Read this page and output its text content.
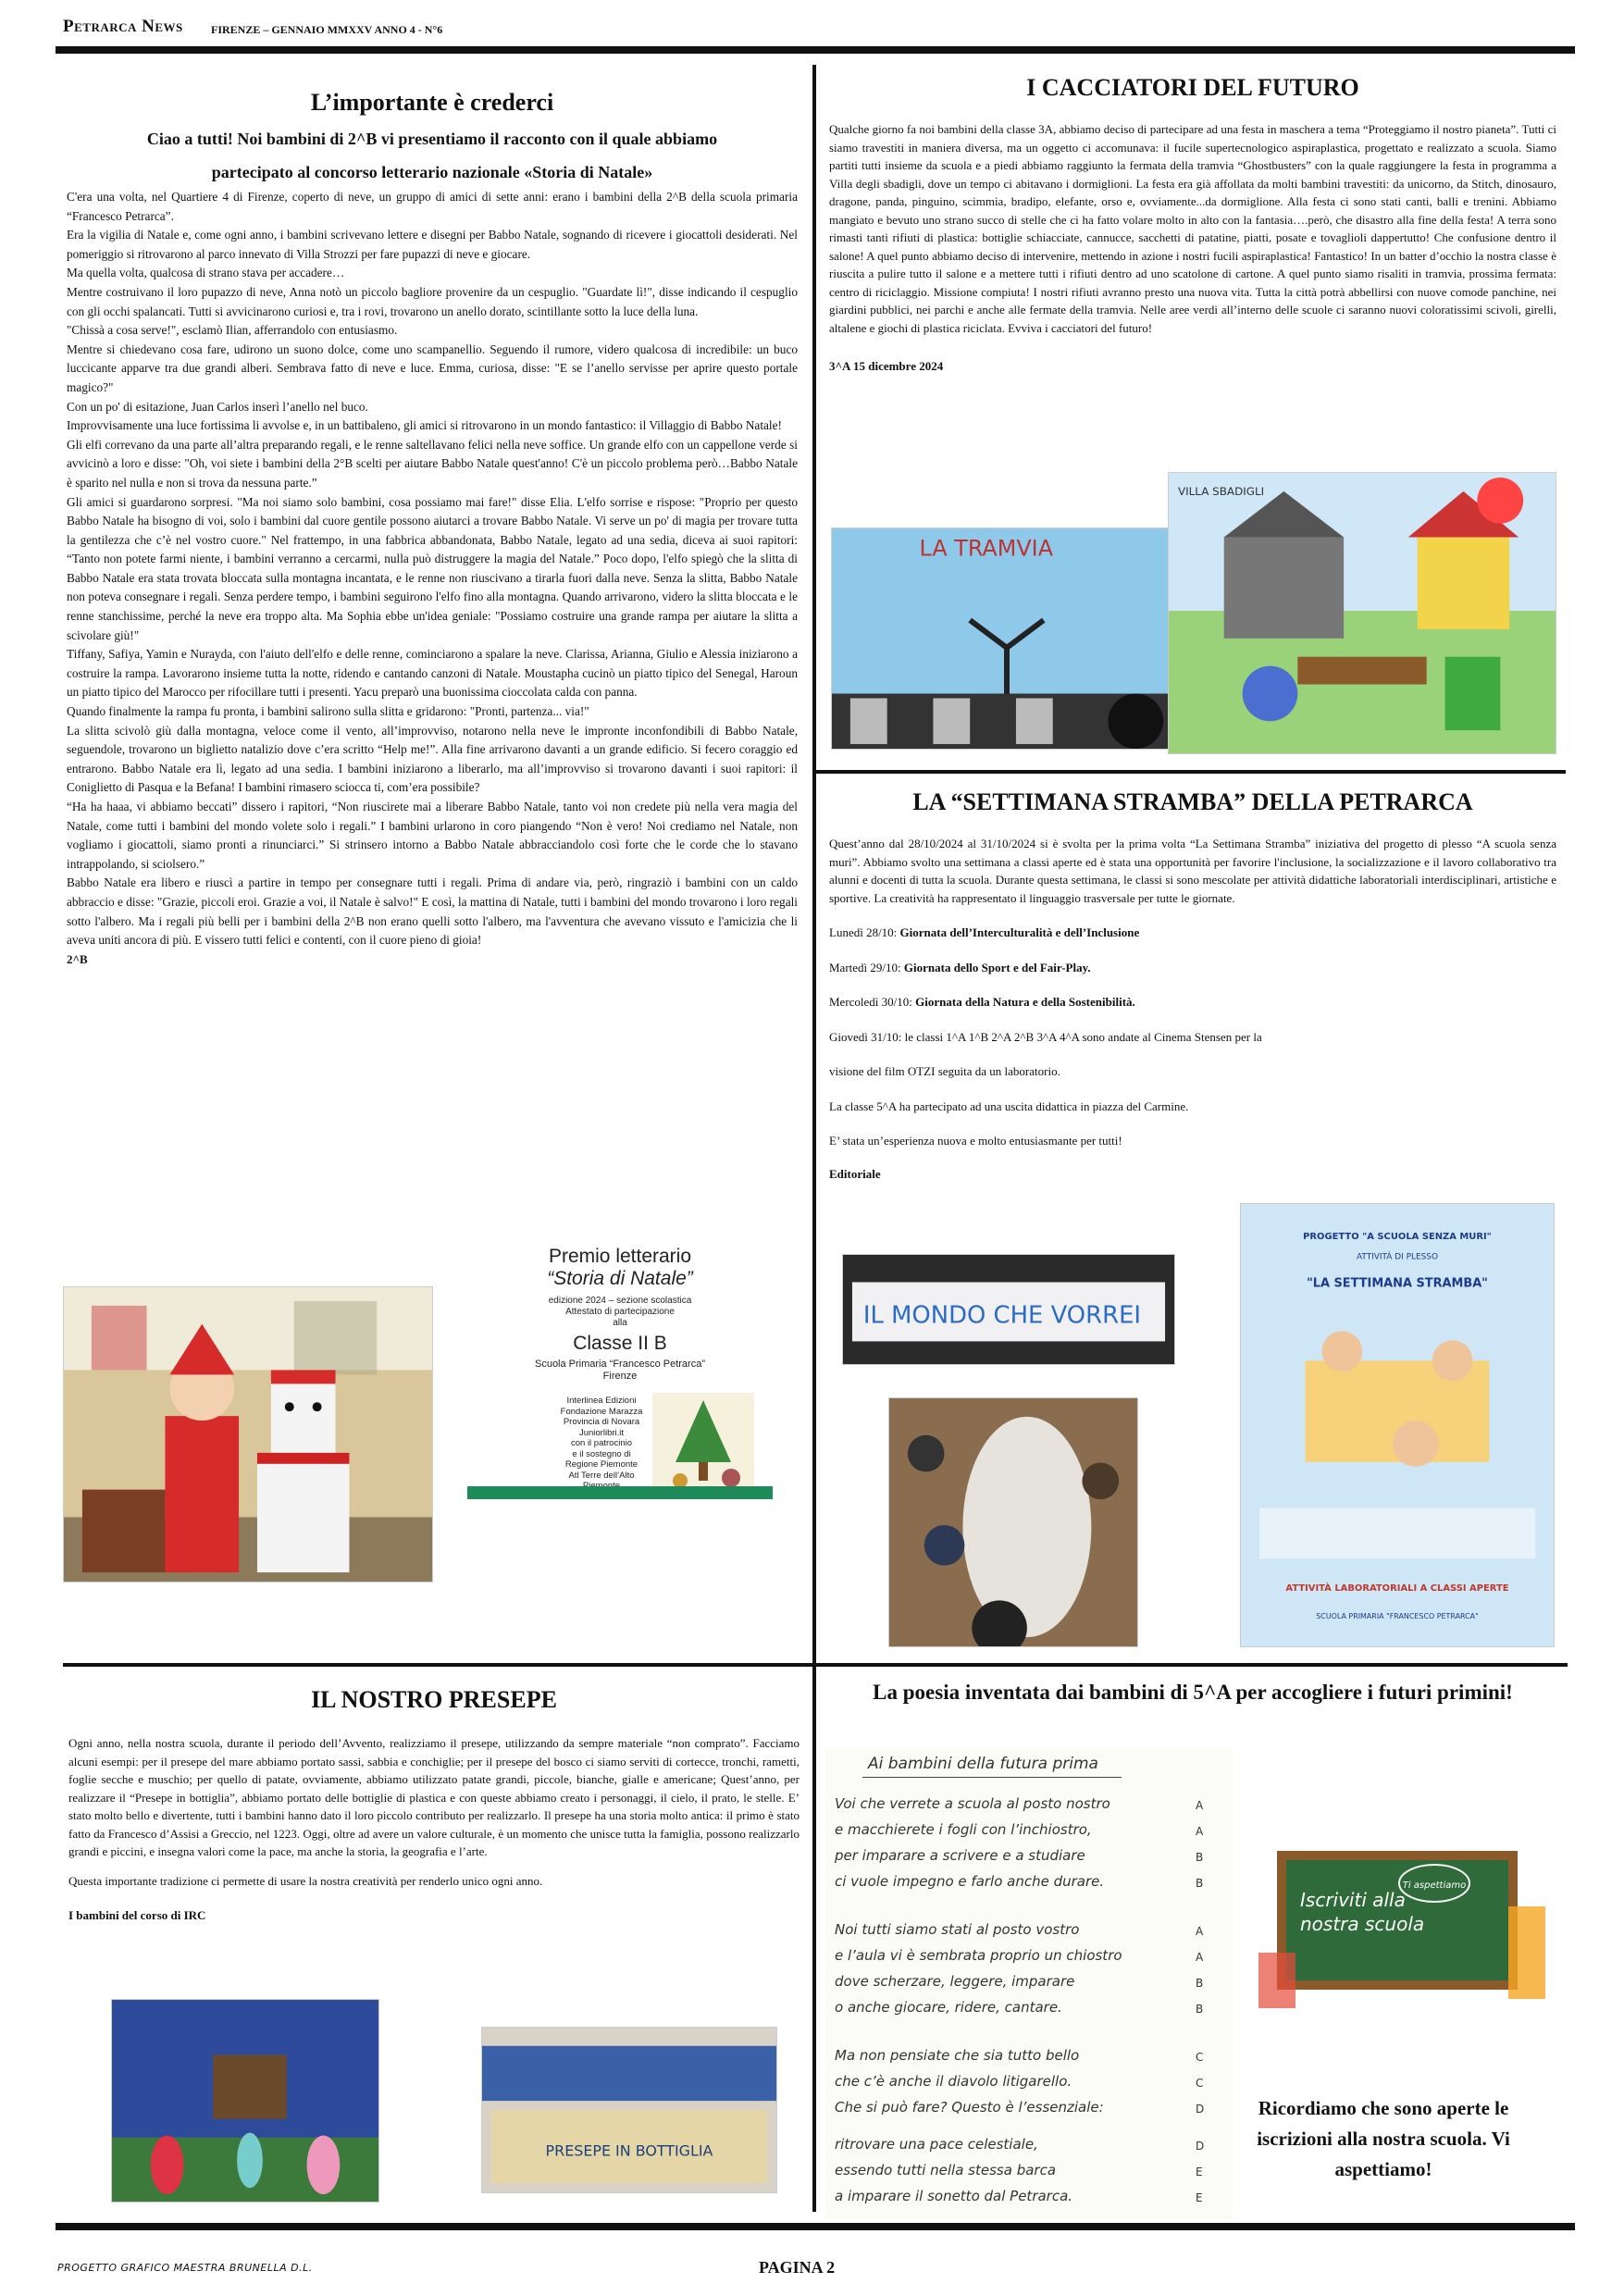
Petrarca News	FIRENZE – GENNAIO MMXXV ANNO 4 - N°6
L’importante è crederci
Ciao a tutti! Noi bambini di 2^B vi presentiamo il racconto con il quale abbiamo
partecipato al concorso letterario nazionale «Storia di Natale»

C'era una volta, nel Quartiere 4 di Firenze, coperto di neve, un gruppo di amici di sette anni: erano i bambini della 2^B della scuola primaria “Francesco Petrarca”.

Era la vigilia di Natale e, come ogni anno, i bambini scrivevano lettere e disegni per Babbo Natale, sognando di ricevere i giocattoli desiderati. Nel pomeriggio si ritrovarono al parco innevato di Villa Strozzi per fare pupazzi di neve e giocare.

Ma quella volta, qualcosa di strano stava per accadere…

Mentre costruivano il loro pupazzo di neve, Anna notò un piccolo bagliore provenire da un cespuglio. "Guardate lì!", disse indicando il cespuglio con gli occhi spalancati. Tutti si avvicinarono curiosi e, tra i rovi, trovarono un anello dorato, scintillante sotto la luce della luna.

"Chissà a cosa serve!", esclamò Ilian, afferrandolo con entusiasmo.

Mentre si chiedevano cosa fare, udirono un suono dolce, come uno scampanellio. Seguendo il rumore, videro qualcosa di incredibile: un buco luccicante apparve tra due grandi alberi. Sembrava fatto di neve e luce. Emma, curiosa, disse: "E se l’anello servisse per aprire questo portale magico?"

Con un po' di esitazione, Juan Carlos inserì l’anello nel buco.

Improvvisamente una luce fortissima li avvolse e, in un battibaleno, gli amici si ritrovarono in un mondo fantastico: il Villaggio di Babbo Natale!

Gli elfi correvano da una parte all’altra preparando regali, e le renne saltellavano felici nella neve soffice. Un grande elfo con un cappellone verde si avvicinò a loro e disse: "Oh, voi siete i bambini della 2°B scelti per aiutare Babbo Natale quest'anno! C'è un piccolo problema però…Babbo Natale è sparito nel nulla e non si trova da nessuna parte.”

Gli amici si guardarono sorpresi. "Ma noi siamo solo bambini, cosa possiamo mai fare!" disse Elia. L'elfo sorrise e rispose: "Proprio per questo Babbo Natale ha bisogno di voi, solo i bambini dal cuore gentile possono aiutarci a trovare Babbo Natale. Vi serve un po' di magia per trovare tutta la gentilezza che c’è nel vostro cuore." Nel frattempo, in una fabbrica abbandonata, Babbo Natale, legato ad una sedia, diceva ai suoi rapitori: “Tanto non potete farmi niente, i bambini verranno a cercarmi, nulla può distruggere la magia del Natale.” Poco dopo, l'elfo spiegò che la slitta di Babbo Natale era stata trovata bloccata sulla montagna incantata, e le renne non riuscivano a tirarla fuori dalla neve. Senza la slitta, Babbo Natale non poteva consegnare i regali. Senza perdere tempo, i bambini seguirono l'elfo fino alla montagna. Quando arrivarono, videro la slitta bloccata e le renne stanchissime, perché la neve era troppo alta. Ma Sophia ebbe un'idea geniale: "Possiamo costruire una grande rampa per aiutare la slitta a scivolare giù!"

Tiffany, Safiya, Yamin e Nurayda, con l'aiuto dell'elfo e delle renne, cominciarono a spalare la neve. Clarissa, Arianna, Giulio e Alessia iniziarono a costruire la rampa. Lavorarono insieme tutta la notte, ridendo e cantando canzoni di Natale. Moustapha cucinò un piatto tipico del Senegal, Haroun un piatto tipico del Marocco per rifocillare tutti i presenti. Yacu preparò una buonissima cioccolata calda con panna.

Quando finalmente la rampa fu pronta, i bambini salirono sulla slitta e gridarono: "Pronti, partenza... via!"

La slitta scivolò giù dalla montagna, veloce come il vento, all’improvviso, notarono nella neve le impronte inconfondibili di Babbo Natale, seguendole, trovarono un biglietto natalizio dove c’era scritto “Help me!”. Alla fine arrivarono davanti a un grande edificio. Si fecero coraggio ed entrarono. Babbo Natale era lì, legato ad una sedia. I bambini iniziarono a liberarlo, ma all’improvviso si trovarono davanti i suoi rapitori: il Coniglietto di Pasqua e la Befana! I bambini rimasero sciocca ti, com’era possibile?

“Ha ha haaa, vi abbiamo beccati” dissero i rapitori, “Non riuscirete mai a liberare Babbo Natale, tanto voi non credete più nella vera magia del Natale, come tutti i bambini del mondo volete solo i regali.” I bambini urlarono in coro piangendo “Non è vero! Noi crediamo nel Natale, non vogliamo i giocattoli, siamo pronti a rinunciarci.” Si strinsero intorno a Babbo Natale abbracciandolo così forte che le corde che lo stavano intrappolando, si sciolsero.”

Babbo Natale era libero e riuscì a partire in tempo per consegnare tutti i regali. Prima di andare via, però, ringraziò i bambini con un caldo abbraccio e disse: "Grazie, piccoli eroi. Grazie a voi, il Natale è salvo!" E così, la mattina di Natale, tutti i bambini del mondo trovarono i loro regali sotto l'albero. Ma i regali più belli per i bambini della 2^B non erano quelli sotto l'albero, ma l'avventura che avevano vissuto e l'amicizia che li aveva uniti ancora di più. E vissero tutti felici e contenti, con il cuore pieno di gioia!

2^B
Premio letterario
“Storia di Natale”
edizione 2024 – sezione scolastica
Attestato di partecipazione
alla
Classe II B
Scuola Primaria “Francesco Petrarca”
Firenze
Interlinea Edizioni
Fondazione Marazza
Provincia di Novara
Juniorlibri.it
con il patrocinio
e il sostegno di
Regione Piemonte
Atl Terre dell’Alto

I CACCIATORI DEL FUTURO
Qualche giorno fa noi bambini della classe 3A, abbiamo deciso di partecipare ad una festa in maschera a tema “Proteggiamo il nostro pianeta”. Tutti ci siamo travestiti in maniera diversa, ma un oggetto ci accomunava: il fucile supertecnologico aspiraplastica, progettato e realizzato a scuola. Siamo partiti tutti insieme da scuola e a piedi abbiamo raggiunto la fermata della tramvia “Ghostbusters” con la quale raggiungere la festa in programma a Villa degli sbadigli, dove un tempo ci abitavano i dormiglioni. La festa era già affollata da molti bambini travestiti: da unicorno, da Stitch, dinosauro, dragone, panda, pinguino, scimmia, bradipo, elefante, orso e, ovviamente...da dormiglione. Alla festa ci sono stati canti, balli e trenini. Abbiamo mangiato e bevuto uno strano succo di stelle che ci ha fatto volare molto in alto con la fantasia….però, che disastro alla fine della festa! A terra sono rimasti tanti rifiuti di plastica: bottiglie schiacciate, cannucce, sacchetti di patatine, piatti, posate e tovaglioli dappertutto! Che confusione dentro il salone! A quel punto abbiamo deciso di intervenire, mettendo in azione i nostri fucili aspiraplastica! Fantastico! In un batter d’occhio la nostra classe è riuscita a pulire tutto il salone e a mettere tutti i rifiuti dentro ad uno scatolone di cartone. A quel punto siamo risaliti in tramvia, prossima fermata: centro di riciclaggio. Missione compiuta! I nostri rifiuti avranno presto una nuova vita. Tutta la città potrà abbellirsi con nuove comode panchine, nei giardini pubblici, nei parchi e anche alle fermate della tramvia. Nelle aree verdi all’interno delle scuole ci saranno nuovi coloratissimi scivoli, girelli, altalene e giochi di plastica riciclata. Evviva i cacciatori del futuro!
3^A 15 dicembre 2024
LA TRAMVIA
VILLA SBADIGLI
LA “SETTIMANA STRAMBA” DELLA PETRARCA
Quest’anno dal 28/10/2024 al 31/10/2024 si è svolta per la prima volta “La Settimana Stramba” iniziativa del progetto di plesso “A scuola senza muri”. Abbiamo svolto una settimana a classi aperte ed è stata una opportunità per favorire l'inclusione, la socializzazione e il lavoro collaborativo tra alunni e docenti di tutta la scuola. Durante questa settimana, le classi si sono mescolate per attività didattiche laboratoriali interdisciplinari, artistiche e sportive. La creatività ha rappresentato il linguaggio trasversale per tutte le giornate.
Lunedì 28/10: Giornata dell’Interculturalità e dell’Inclusione
Martedì 29/10: Giornata dello Sport e del Fair-Play.
Mercoledì 30/10: Giornata della Natura e della Sostenibilità.
Giovedì 31/10: le classi 1^A 1^B 2^A 2^B 3^A 4^A sono andate al Cinema Stensen per la
visione del film OTZI seguita da un laboratorio.
La classe 5^A ha partecipato ad una uscita didattica in piazza del Carmine.
E’ stata un’esperienza nuova e molto entusiasmante per tutti!
Editoriale
IL MONDO CHE VORREI
PROGETTO "A SCUOLA SENZA MURI"
ATTIVITÀ DI PLESSO
"LA SETTIMANA STRAMBA"
ATTIVITÀ LABORATORIALI A CLASSI APERTE
SCUOLA PRIMARIA "FRANCESCO PETRARCA"
IL NOSTRO PRESEPE
Ogni anno, nella nostra scuola, durante il periodo dell’Avvento, realizziamo il presepe, utilizzando da sempre materiale “non comprato”. Facciamo alcuni esempi: per il presepe del mare abbiamo portato sassi, sabbia e conchiglie; per il presepe del bosco ci siamo serviti di cortecce, tronchi, rametti, foglie secche e muschio; per quello di patate, ovviamente, abbiamo utilizzato patate grandi, piccole, bianche, gialle e americane; Quest’anno, per realizzare il “Presepe in bottiglia”, abbiamo portato delle bottiglie di plastica e con queste abbiamo creato i personaggi, il cielo, il prato, le stelle. E’ stato molto bello e divertente, tutti i bambini hanno dato il loro piccolo contributo per realizzarlo. Il presepe ha una storia molto antica: il primo è stato fatto da Francesco d’Assisi a Greccio, nel 1223. Oggi, oltre ad avere un valore culturale, è un momento che unisce tutta la famiglia, possono realizzarlo grandi e piccini, e insegna valori come la pace, ma anche la storia, la geografia e l’arte.
Questa importante tradizione ci permette di usare la nostra creatività per renderlo unico ogni anno.
I bambini del corso di IRC
PRESEPE IN BOTTIGLIA
La poesia inventata dai bambini di 5^A per accogliere i futuri primini!
Ai bambini della futura prima
Voi che verrete a scuola al posto nostro	A
e macchierete i fogli con l’inchiostro,	A
per imparare a scrivere e a studiare	B
ci vuole impegno e farlo anche durare.	B
Noi tutti siamo stati al posto vostro	A
e l’aula vi è sembrata proprio un chiostro	A
dove scherzare, leggere, imparare	B
o anche giocare, ridere, cantare.	B
Ma non pensiate che sia tutto bello	C
che c’è anche il diavolo litigarello.	C
Che si può fare? Questo è l’essenziale:	D
ritrovare una pace celestiale,	D
essendo tutti nella stessa barca	E
a imparare il sonetto dal Petrarca.	E
Ti aspettiamo
Iscriviti alla nostra scuola
Ricordiamo che sono aperte le iscrizioni alla nostra scuola. Vi aspettiamo!
PROGETTO GRAFICO MAESTRA BRUNELLA D.L.	PAGINA 2
